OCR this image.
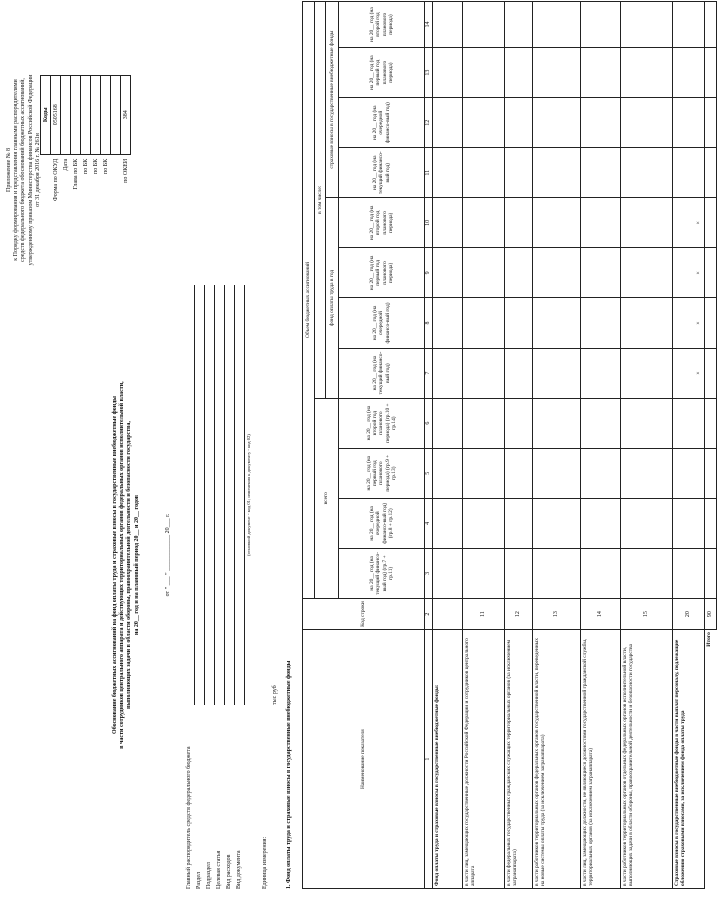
Приложение № 8 к Порядку формирования и представления главными распорядителями средств федерального бюджета обоснований бюджетных ассигнований, утвержденному приказом Министерства финансов Российской Федерации от 31 декабря 2016 г. № 261н
Обоснование бюджетных ассигнований на фонд оплаты труда и страховые взносы в государственные внебюджетные фонды в части сотрудников центрального аппарата и действующих территориальных органов федеральных органов исполнительной власти, выполняющих задачи в области обороны, правоохранительной деятельности и безопасности государства, на 20__ год и на плановый период 20__ и 20__ годов	от " ___ " ____________ 20___ г.
	Коды
Форма по ОКУД	0505168
Дата	
Глава по БК	
по БК	
по БК	
по БК	

по ОКЕИ	384
Главный распорядитель средств федерального бюджета Раздел Подраздел Целевая статья Вид расходов Вид документа
(основной документ - код 01; изменения к документу - код 02)
Единица измерения:
тыс руб 1. Фонд оплаты труда и страховые взносы в государственные внебюджетные фонды	Наименование показателя	Код строки	Объем бюджетных ассигнований											
		всего				в том числе:							
						фонд оплаты труда в год				страховые взносы в государственные внебюджетные фонды			
		на 20__ год (на текущий финансо-вый год) (гр.7 + гр.11)	на 20__ год (на очередной финансо-вый год) (гр.8 + гр.12)	на 20__ год (на первый год планового периода) (гр.9 + гр.13)	на 20__ год (на второй год планового периода) (гр.10 + гр.14)	на 20__ год (на текущий финансо-вый год)	на 20__ год (на очередной финансо-вый год)	на 20__ год (на первый год планового периода)	на 20__ год (на второй год планового периода)	на 20__ год (на текущий финансо-вый год)	на 20__ год (на очередной финансо-вый год)	на 20__ год (на первый год планового периода)	на 20__ год (на второй год планового периода)
1	2	3	4	5	6	7	8	9	10	11	12	13	14
Фонд оплаты труда и страховые взносы в государственные внебюджетные фонды:													
в части лиц, замещающих государственные должности Российской Федерации и сотрудников центрального аппарата	11												
в части федеральных государственных гражданских служащих территориальных органов (за исключением загранаппарата)	12												
в части работников территориальных органов федеральных органов государственной власти, переведенных на новые системы оплаты труда (за исключением загранаппарата)	13												
в части лиц, замещающих должности, не являющиеся должностями государственной гражданской службы, территориальных органов (за исключением загранаппарата)	14												
в части работников территориальных органов отдельных федеральных органов исполнительной власти, выполняющих задачи в области обороны, правоохранительной деятельности и безопасности государства	15												
Страховые взносы в государственные внебюджетные фонды в части выплат персоналу, подлежащие обложению страховыми взносами, за исключением фонда оплаты труда	20					×	×	×	×				
Итого	90												
